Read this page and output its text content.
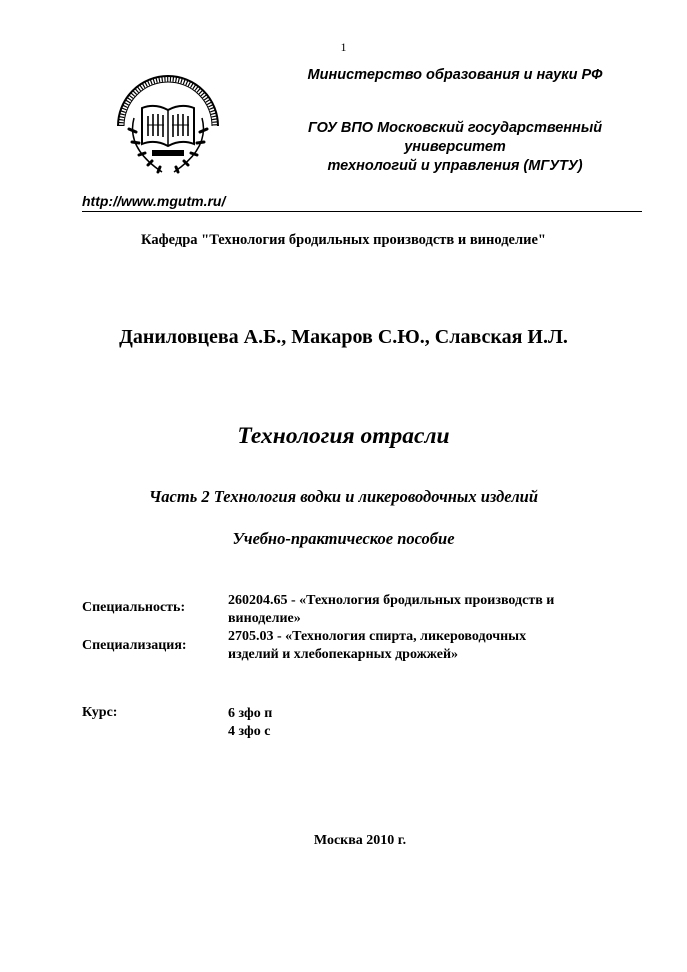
1
Министерство образования и науки РФ
ГОУ ВПО Московский государственный
университет
технологий и управления (МГУТУ)
http://www.mgutm.ru/
Кафедра "Технология бродильных производств и виноделие"
Даниловцева А.Б., Макаров С.Ю., Славская И.Л.
Технология отрасли
Часть 2 Технология водки и ликероводочных изделий
Учебно-практическое пособие
Специальность:	260204.65 - «Технология бродильных производств и
виноделие»
Специализация:
2705.03 - «Технология спирта, ликероводочных
изделий и хлебопекарных дрожжей»
Курс:	6 зфо п
4 зфо с
Москва 2010 г.
